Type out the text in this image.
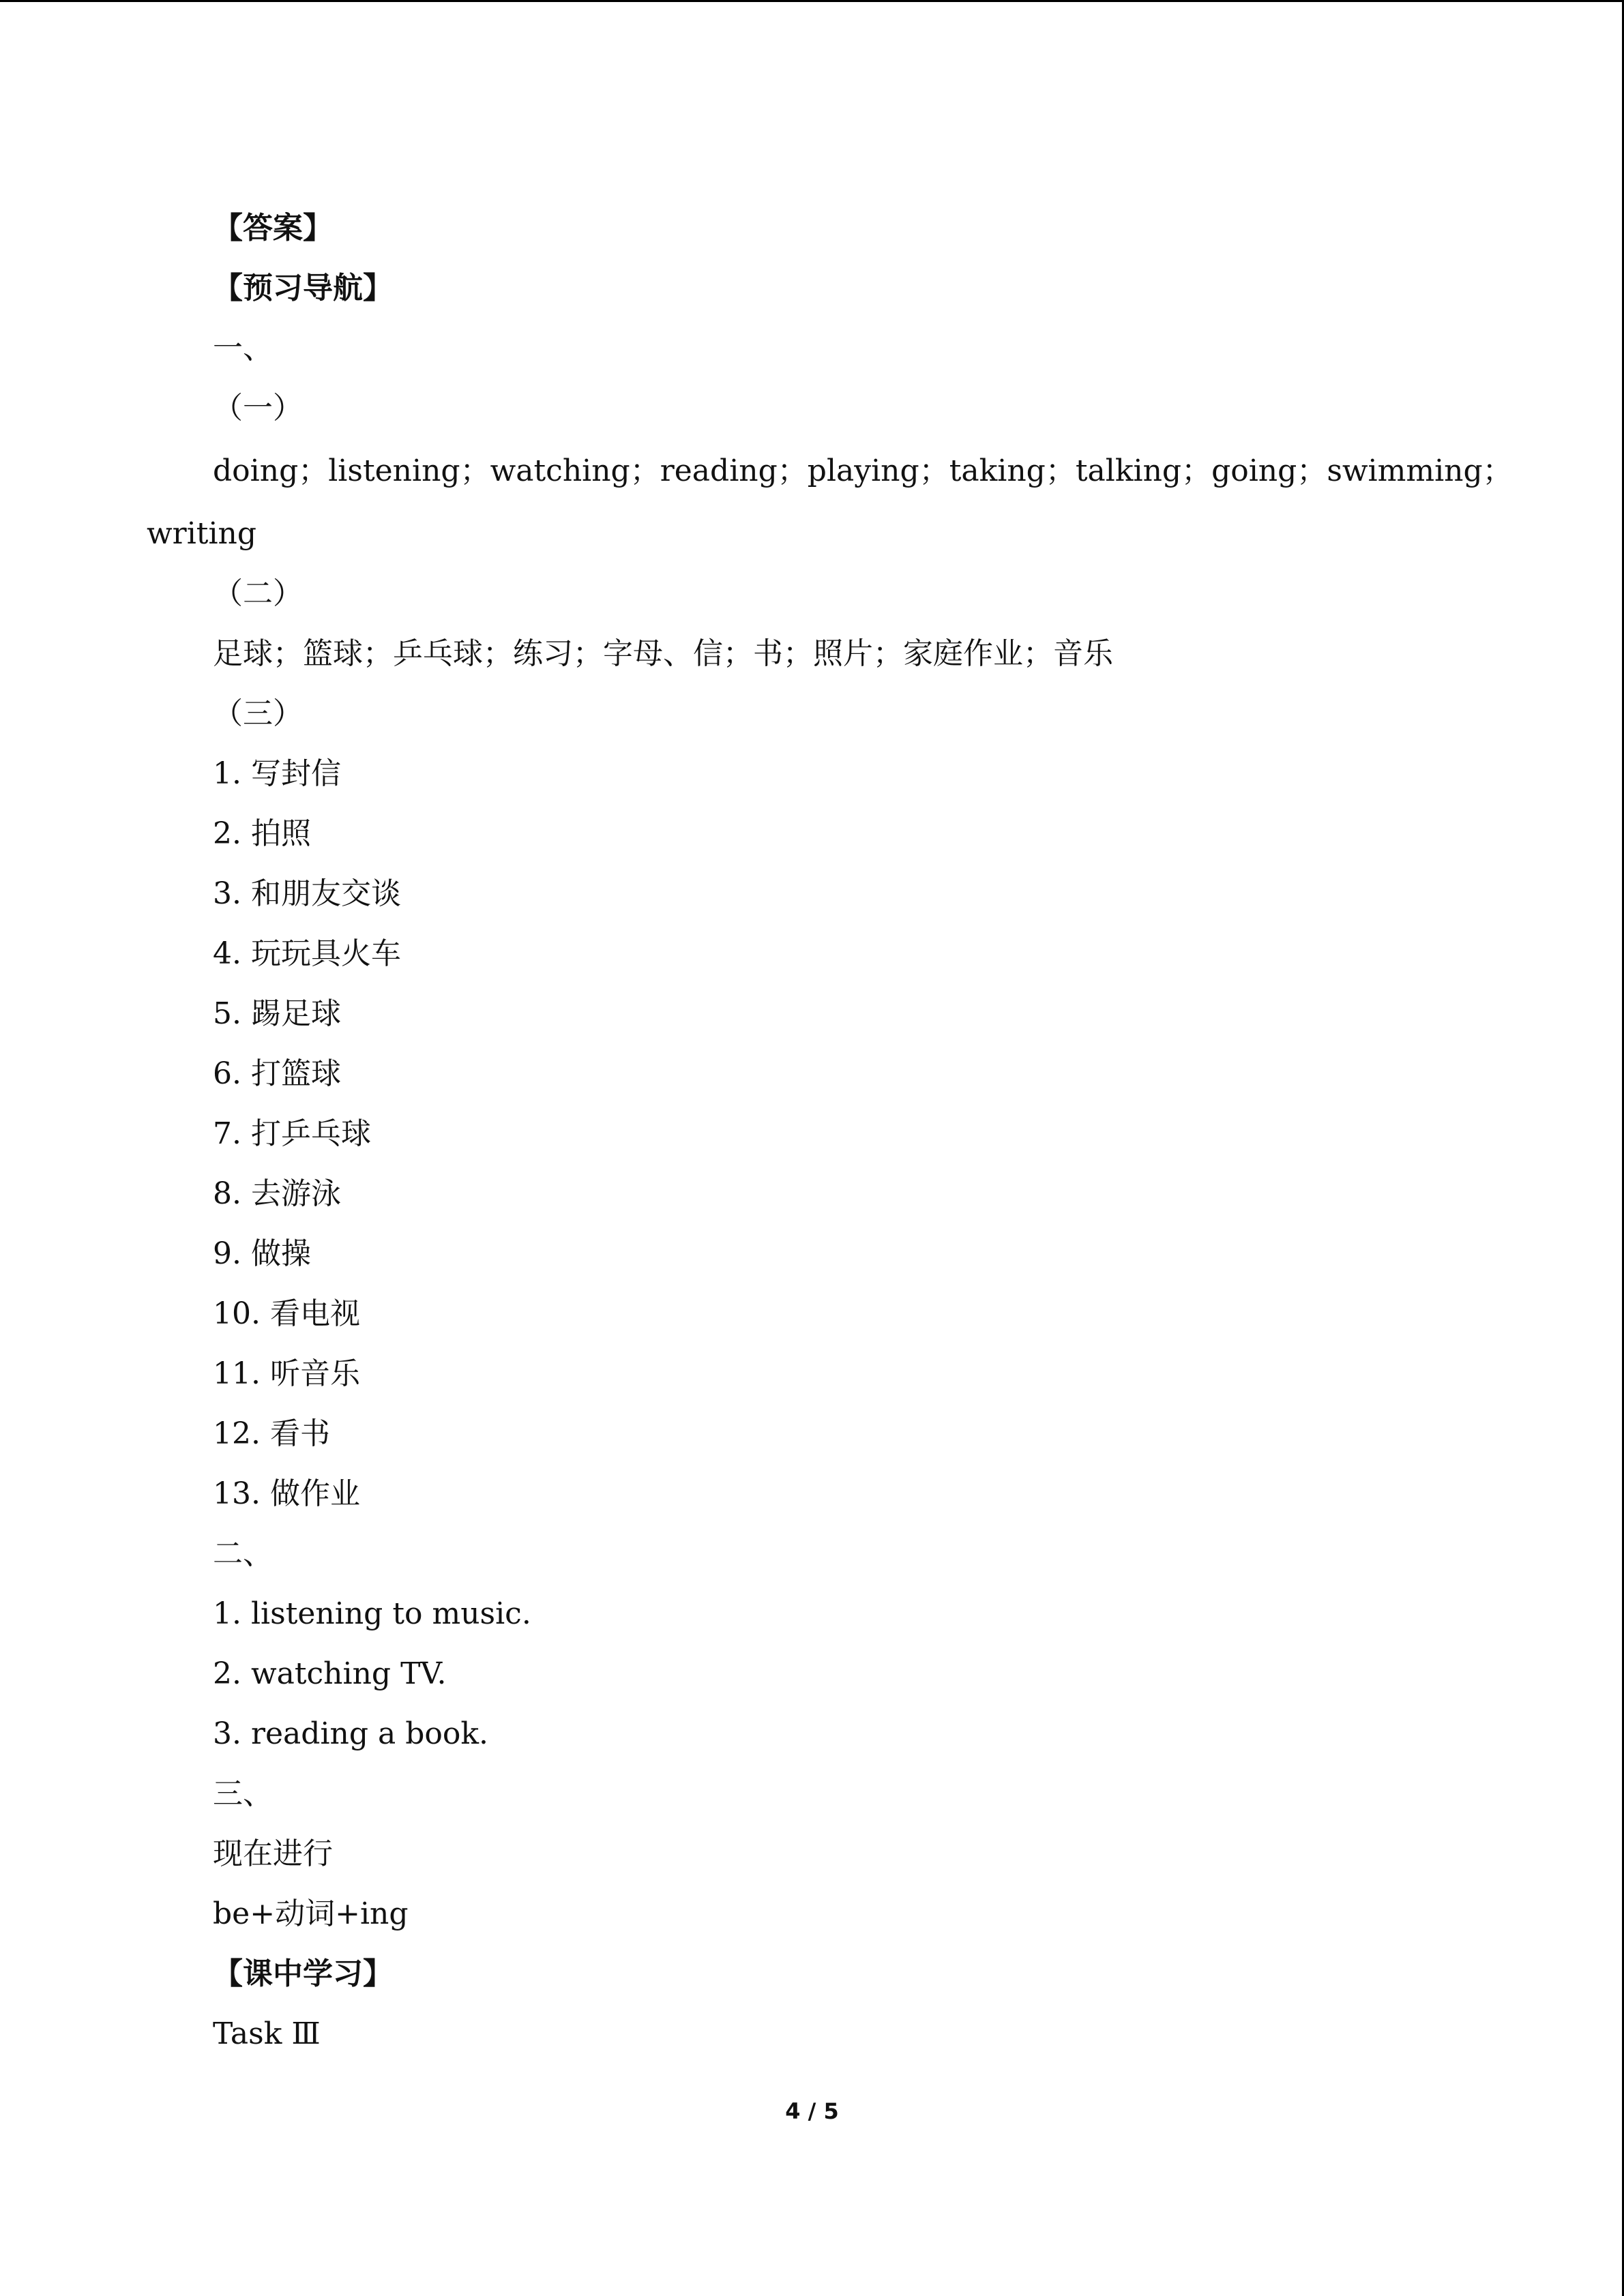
【答案】
【预习导航】
一、
（一）
doing； listening； watching； reading； playing； taking； talking； going； swimming；
writing
（二）
足球；篮球；乒乓球；练习；字母、信；书；照片；家庭作业；音乐
（三）
1. 写封信
2. 拍照
3. 和朋友交谈
4. 玩玩具火车
5. 踢足球
6. 打篮球
7. 打乒乓球
8. 去游泳
9. 做操
10. 看电视
11. 听音乐
12. 看书
13. 做作业
二、
1. listening to music.
2. watching TV.
3. reading a book.
三、
现在进行
be+动词+ing
【课中学习】
Task Ⅲ
4 / 5
